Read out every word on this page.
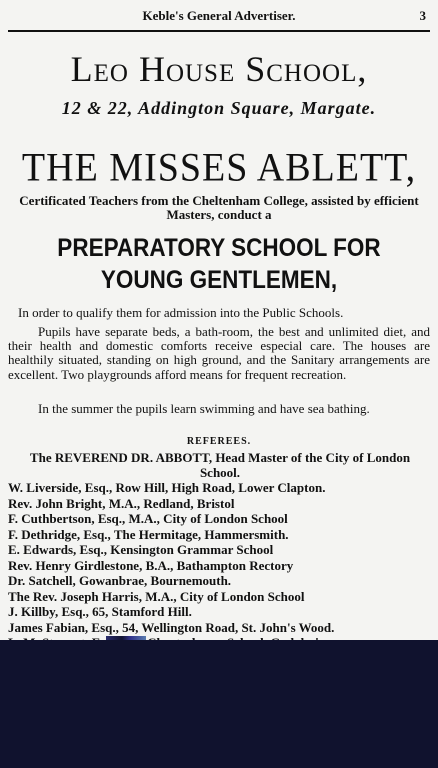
Keble's General Advertiser.	3
Leo House School,
12 & 22, Addington Square, Margate.
THE MISSES ABLETT,
Certificated Teachers from the Cheltenham College, assisted by efficient Masters, conduct a
PREPARATORY SCHOOL FOR YOUNG GENTLEMEN,
In order to qualify them for admission into the Public Schools.
Pupils have separate beds, a bath-room, the best and unlimited diet, and their health and domestic comforts receive especial care. The houses are healthily situated, standing on high ground, and the Sanitary arrangements are excellent. Two playgrounds afford means for frequent recreation.
In the summer the pupils learn swimming and have sea bathing.
REFEREES.
The REVEREND DR. ABBOTT, Head Master of the City of London School.
W. Liverside, Esq., Row Hill, High Road, Lower Clapton.
Rev. John Bright, M.A., Redland, Bristol
F. Cuthbertson, Esq., M.A., City of London School
F. Dethridge, Esq., The Hermitage, Hammersmith.
E. Edwards, Esq., Kensington Grammar School
Rev. Henry Girdlestone, B.A., Bathampton Rectory
Dr. Satchell, Gowanbrae, Bournemouth.
The Rev. Joseph Harris, M.A., City of London School
J. Killby, Esq., 65, Stamford Hill.
James Fabian, Esq., 54, Wellington Road, St. John's Wood.
